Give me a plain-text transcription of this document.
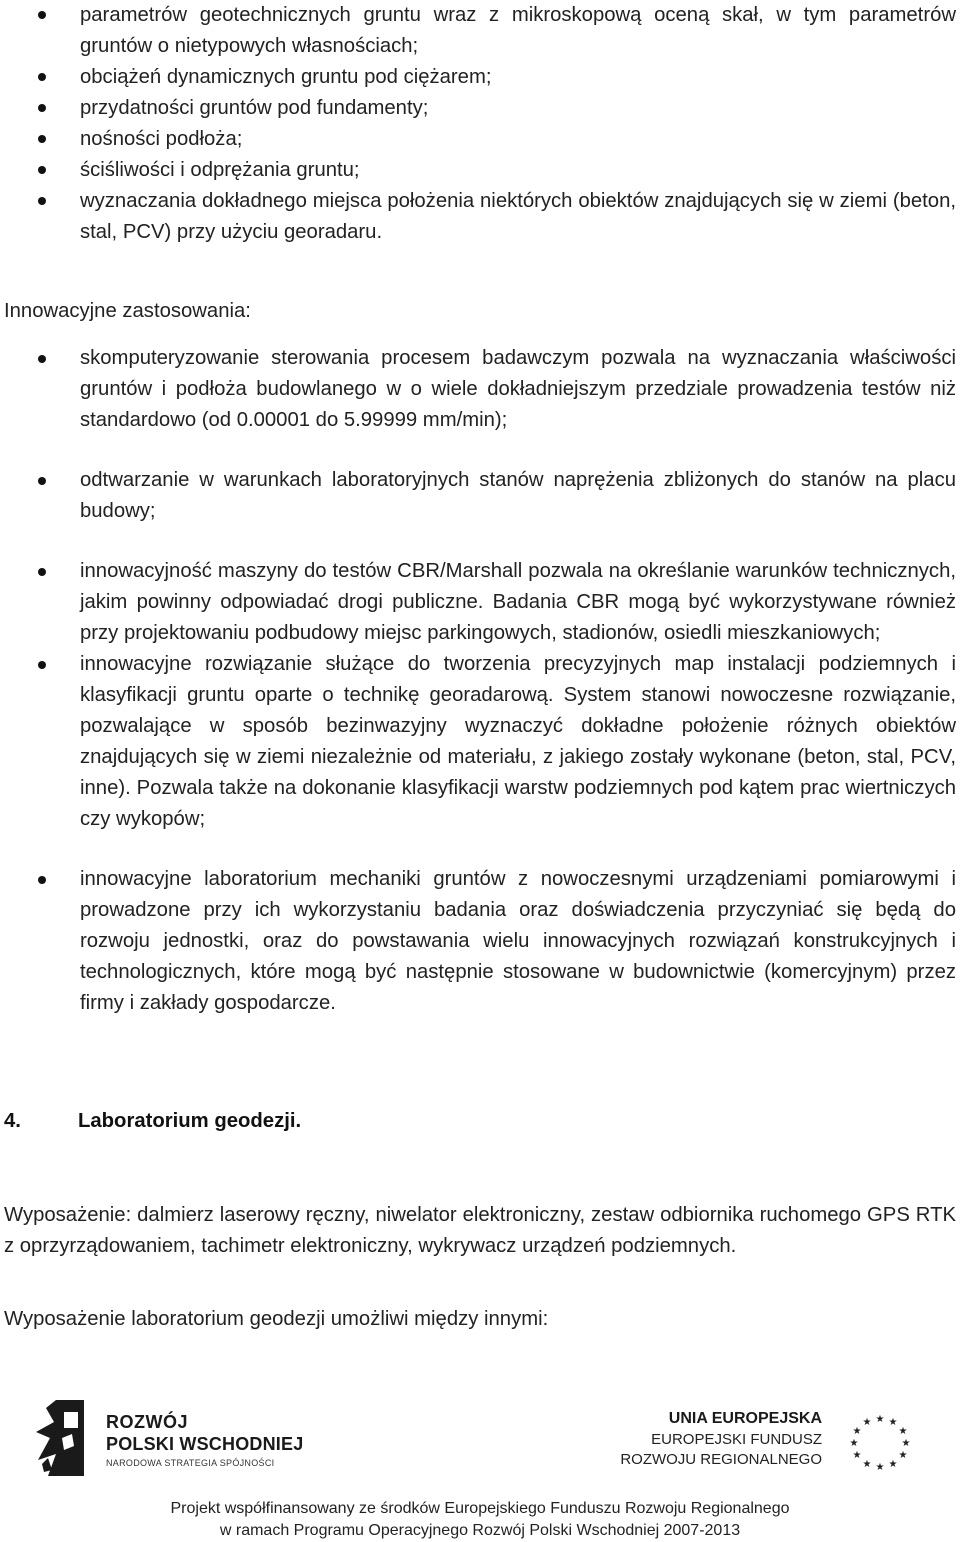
parametrów geotechnicznych gruntu wraz z mikroskopową oceną skał, w tym parametrów gruntów o nietypowych własnościach;
obciążeń dynamicznych gruntu pod ciężarem;
przydatności gruntów pod fundamenty;
nośności podłoża;
ściśliwości i odprężania gruntu;
wyznaczania dokładnego miejsca położenia niektórych obiektów znajdujących się w ziemi (beton, stal, PCV) przy użyciu georadaru.

Innowacyjne zastosowania:

skomputeryzowanie sterowania procesem badawczym pozwala na wyznaczania właściwości gruntów i podłoża budowlanego w o wiele dokładniejszym przedziale prowadzenia testów niż standardowo (od 0.00001 do 5.99999 mm/min);
odtwarzanie w warunkach laboratoryjnych stanów naprężenia zbliżonych do stanów na placu budowy;
innowacyjność maszyny do testów CBR/Marshall pozwala na określanie warunków technicznych, jakim powinny odpowiadać drogi publiczne. Badania CBR mogą być wykorzystywane również przy projektowaniu podbudowy miejsc parkingowych, stadionów, osiedli mieszkaniowych;
innowacyjne rozwiązanie służące do tworzenia precyzyjnych map instalacji podziemnych i klasyfikacji gruntu oparte o technikę georadarową. System stanowi nowoczesne rozwiązanie, pozwalające w sposób bezinwazyjny wyznaczyć dokładne położenie różnych obiektów znajdujących się w ziemi niezależnie od materiału, z jakiego zostały wykonane (beton, stal, PCV, inne). Pozwala także na dokonanie klasyfikacji warstw podziemnych pod kątem prac wiertniczych czy wykopów;
innowacyjne laboratorium mechaniki gruntów z nowoczesnymi urządzeniami pomiarowymi i prowadzone przy ich wykorzystaniu badania oraz doświadczenia przyczyniać się będą do rozwoju jednostki, oraz do powstawania wielu innowacyjnych rozwiązań konstrukcyjnych i technologicznych, które mogą być następnie stosowane w budownictwie (komercyjnym) przez firmy i zakłady gospodarcze.
4.	Laboratorium geodezji.

Wyposażenie: dalmierz laserowy ręczny, niwelator elektroniczny, zestaw odbiornika ruchomego GPS RTK z oprzyrządowaniem, tachimetr elektroniczny, wykrywacz urządzeń podziemnych.

Wyposażenie laboratorium geodezji umożliwi między innymi:

ROZWÓJ
POLSKI WSCHODNIEJ
NARODOWA STRATEGIA SPÓJNOŚCI
UNIA EUROPEJSKA
EUROPEJSKI FUNDUSZ
ROZWOJU REGIONALNEGO
★ ★
★
★
★
★
★
★
★
★
★
★
Projekt współfinansowany ze środków Europejskiego Funduszu Rozwoju Regionalnego
w ramach Programu Operacyjnego Rozwój Polski Wschodniej 2007-2013
